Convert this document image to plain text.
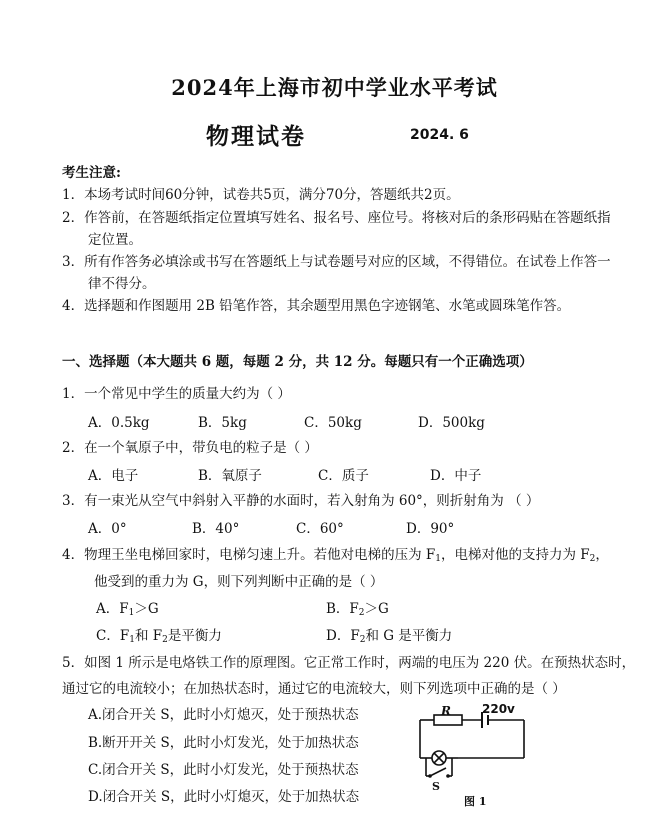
2024年上海市初中学业水平考试
物理试卷	2024. 6
考生注意:
1．本场考试时间60分钟，试卷共5页，满分70分，答题纸共2页。
2．作答前，在答题纸指定位置填写姓名、报名号、座位号。将核对后的条形码贴在答题纸指
定位置。
3．所有作答务必填涂或书写在答题纸上与试卷题号对应的区域，不得错位。在试卷上作答一
律不得分。
4．选择题和作图题用 2B 铅笔作答，其余题型用黑色字迹钢笔、水笔或圆珠笔作答。
一、选择题（本大题共 6 题，每题 2 分，共 12 分。每题只有一个正确选项）
1．一个常见中学生的质量大约为（ ）
A．0.5kg	B．5kg	C．50kg	D．500kg
2．在一个氧原子中，带负电的粒子是（ ）
A．电子	B．氧原子	C．质子	D．中子
3．有一束光从空气中斜射入平静的水面时，若入射角为 60°，则折射角为 （ ）
A．0°	B．40°	C．60°	D．90°
4．物理王坐电梯回家时，电梯匀速上升。若他对电梯的压为 $F_1$，电梯对他的支持力为 $F_2$，
他受到的重力为 G，则下列判断中正确的是（ ）
A．$F_1>G$	B．$F_2>G$
C．$F_1$和 $F_2$是平衡力	D．$F_2$和 G 是平衡力
5．如图 1 所示是电烙铁工作的原理图。它正常工作时，两端的电压为 220 伏。在预热状态时，
通过它的电流较小；在加热状态时，通过它的电流较大，则下列选项中正确的是（ ）
A.闭合开关 S，此时小灯熄灭，处于预热状态
B.断开开关 S，此时小灯发光，处于加热状态
C.闭合开关 S，此时小灯发光，处于预热状态
D.闭合开关 S，此时小灯熄灭，处于加热状态
R	220v
S
图 1
